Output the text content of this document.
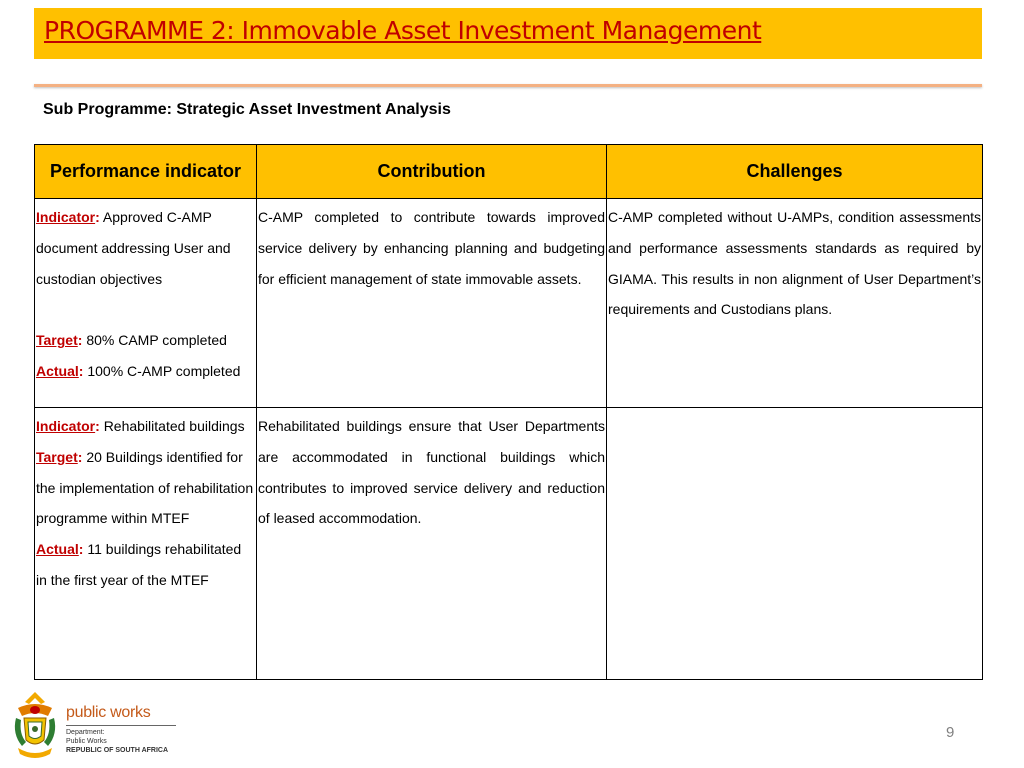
PROGRAMME 2: Immovable Asset Investment Management
Sub Programme: Strategic Asset Investment Analysis
Performance indicator	Contribution	Challenges

Indicator: Approved C-AMP document addressing User and custodian objectives
Target: 80% CAMP completed
Actual: 100% C-AMP completed	C-AMP completed to contribute towards improved service delivery by enhancing planning and budgeting for efficient management of state immovable assets.	C-AMP completed without U-AMPs, condition assessments and performance assessments standards as required by GIAMA. This results in non alignment of User Department’s requirements and Custodians plans.

Indicator: Rehabilitated buildings
Target: 20 Buildings identified for the implementation of rehabilitation programme within MTEF
Actual: 11 buildings rehabilitated in the first year of the MTEF	Rehabilitated buildings ensure that User Departments are accommodated in functional buildings which contributes to improved service delivery and reduction of leased accommodation.	
public works
Department:
Public Works
REPUBLIC OF SOUTH AFRICA
9
